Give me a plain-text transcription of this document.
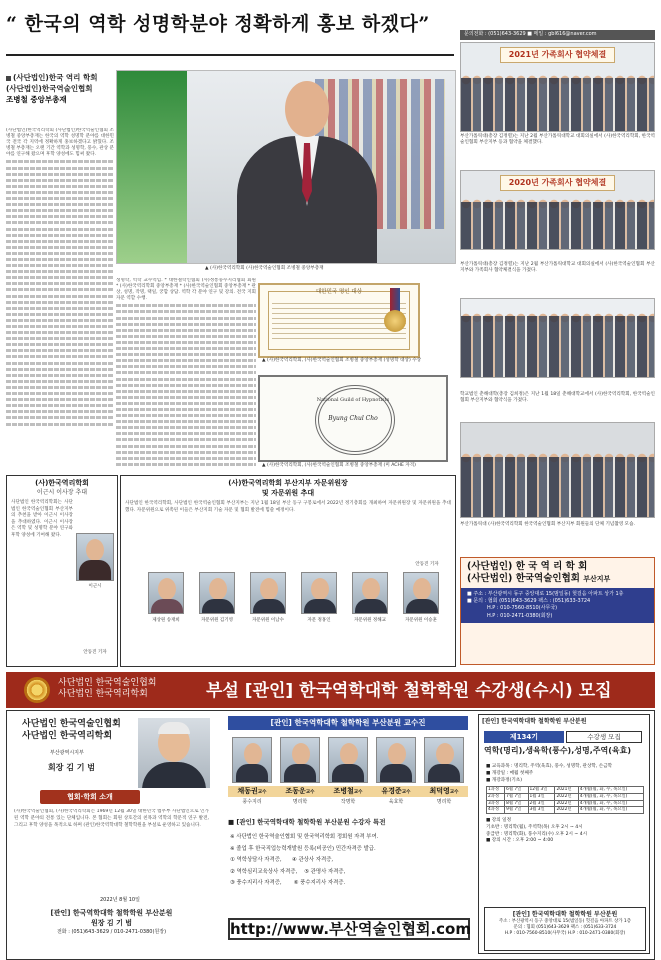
“ 한국의 역학 성명학분야 정확하게 홍보 하겠다”	문의전화 : (051)643-3629 ■ 메일 : gbl616@naver.com
(사단법인)한국 역리 학회
(사단법인)한국역술인협회
조병철 중앙부총재
(사단법인)한국역리학회 (사단법인)한국역술인협회 조병철 중앙부총재는 한국의 역학 성명학 분야를 대한민국 전국 각 지역에 정확하게 홍보하겠다고 밝혔다. 조병철 부총재는 오랜 기간 역학과 성명학, 풍수, 관상 분야를 연구해 왔으며 후학 양성에도 힘써 왔다.
▲ (사)한국역리학회 (사)한국역술인협회 조병철 중앙부총재
성명학, 역학 교수역임. * 대한철학인협회 (사)정통풍수지리협회 회원 * (사)한국역리학회 중앙부총재 * (사)한국역술인협회 중앙부총재 * 관상, 성명, 작명, 택일, 궁합 상담. 역학 각 분야 연구 및 강의. 전국 지회 자문 역할 수행.
대한민국 명인 대상
▲ (사)한국역리학회, (사)한국역술인협회 조병철 중앙부총재 (성명학 대상) 수상
National Guild of Hypnotists
Byung Chul Cho
▲ (사)한국역리학회, (사)한국역술인협회 조병철 중앙부총재 (미 ACHE 자격)
2021년 가족회사 협약체결
부산가톨릭대(총장 김정렬)는 지난 2월 부산가톨릭대학교 대회의실에서 (사)한국역리학회, 한국역술인협회 부산지부 등과 협약을 체결했다.
2020년 가족회사 협약체결
부산가톨릭대(총장 김정렬)는 지난 2월 부산가톨릭대학교 대회의실에서 (사)한국역술인협회 부산지부와 가족회사 협약체결식을 가졌다.
학교법인 춘해대학(총장 김희정)은 지난 1월 18일 춘해대학교에서 (사)한국역리학회, 한국역술인협회 부산지부와 협약식을 가졌다.
부산가톨릭대 (사)한국역리학회 한국역술인협회 부산지부 회원들의 단체 기념촬영 모습.
(사)한국역리학회
이근시 이사장 추대
사단법인 한국역리학회는 사단법인 한국역술인협회 부산지부의 추천을 받아 이근시 이사장을 추대하였다. 이근시 이사장은 역학 및 성명학 분야 연구와 후학 양성에 기여해 왔다.
이근시
안동진 기자
(사)한국역리학회 부산지부 자문위원장
및 자문위원 추대
사단법인 한국역리학회, 사단법인 한국역술인협회 부산지부는 지난 1월 18일 부산 동구 구봉로에서 2022년 정기총회를 개최하여 자문위원장 및 자문위원을 추대했다. 자문위원으로 위촉된 이들은 부산지회 기술 자문 및 협회 발전에 힘쓸 예정이다.
안동진 기자
제상원 송재희	자문위원 김기영	자문위원 이남수	자문 정홍인	자문위원 정해교	자문위원 이승훈
(사단법인) 한 국 역 리 학 회
(사단법인) 한국역술인협회 부산지부
■ 주소 : 부산광역시 동구 중앙대로 15(범일동) 헛걸음 아파트 상가 1층
■ 문의 : 협회 (051)643-3629 팩스 : (051)633-3724
H.P : 010-7560-8510(사무국)
H.P : 010-2471-0380(회장)
사단법인 한국역술인협회
사단법인 한국역리학회	부설 [관인] 한국역학대학 철학학원 수강생(수시) 모집
사단법인 한국역술인협회
사단법인 한국역리학회
부산광역시지부
회장 김 기 범
협회·학회 소개
(사)한국역술인협회, (사)한국역리학회는 1969년 12월 30일 대한민국 법무부 사단법인으로 인가된 역학 분야의 전통 있는 단체입니다. 본 협회는 회원 상호간의 친목과 역학의 학문적 연구 발전, 그리고 후학 양성을 목적으로 하며 (관인)한국역학대학 철학학원을 부설로 운영하고 있습니다.
2022년 8월 10일
[관인] 한국역학대학 철학학원 부산분원
원장 김 기 범
전화 : (051)643-3629 / 010-2471-0380(원장)
[관인] 한국역학대학 철학학원 부산분원 교수진
채동권교수	조동운교수	조병철교수	유경준교수	최덕영교수
풍수지리	명리학	작명학	육효학	명리학
■ [관인] 한국역학대학 철학학원 부산분원 수강자 특전
※ 사단법인 한국역술인협회 및 한국역리학회 정회원 자격 부여.
※ 졸업 후 한국직업능력개발원 등록(비공인) 민간자격증 발급.
① 역학상담사 자격증,      ④ 관상사 자격증,
② 역학심리교육상사 자격증,    ⑤ 관명사 자격증,
③ 풍수지리사 자격증,       ⑥ 풍수지리사 자격증.
http://www.부산역술인협회.com
[관인] 한국역학대학 철학학원 부산분원
제134기	수강생 모집
역학(명리),생육학(풍수),성명,주역(육효)
■ 교육과목 : 명리학, 주역(육효), 풍수, 성명학, 관상학, 손금학
■ 개강일 : 매월 첫째주
■ 개강과정(기초)
1과정	6월 7일	12월 3일	2021년	4개월(월, 화, 수, 목요일)
2과정	7월 7일	1월 3일	2022년	4개월(월, 화, 수, 목요일)
3과정	8월 7일	2월 3일	2022년	4개월(월, 화, 수, 목요일)
4과정	9월 7일	3월 3일	2022년	4개월(월, 화, 수, 목요일)
■ 강의 일정
기초반 : 명리학(월), 주역학(목) 오후 2시 ~ 4시
중급반 : 명리학(화), 풍수지리(수) 오후 2시 ~ 4시
■ 강의 시간 : 오후 2:00 ~ 4:00
[관인] 한국역학대학 철학학원 부산분원
주소 : 부산광역시 동구 중앙대로 15(범일동) 헛걸음 아파트 상가 1층
문의 : 협회 (051)643-3629 팩스 : (051)633-3724
H.P : 010-7560-8510(사무국) H.P : 010-2471-0380(회장)
